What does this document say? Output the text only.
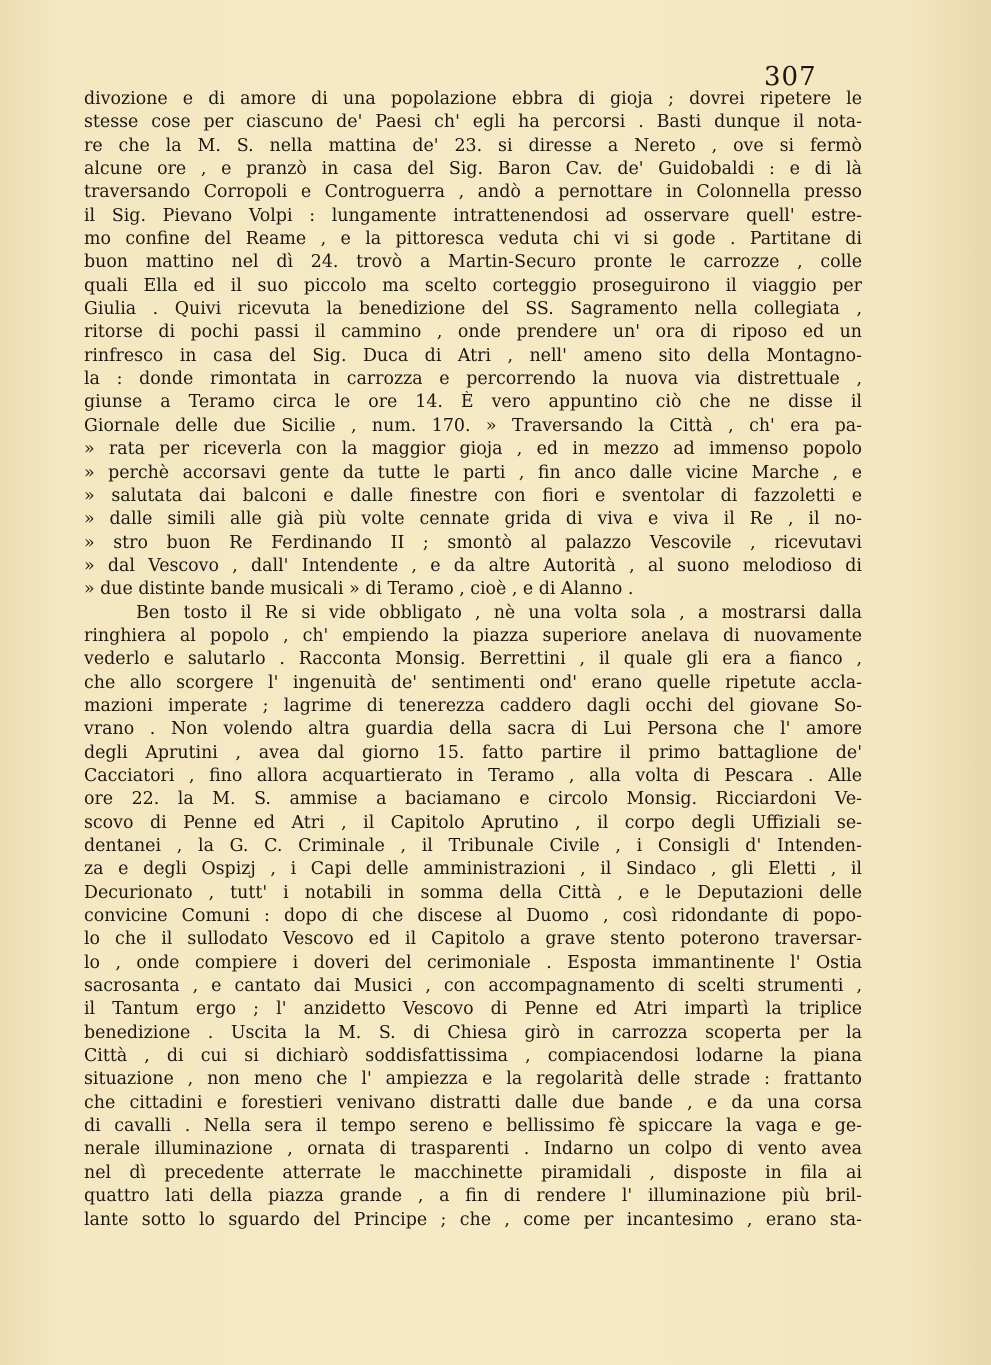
307
divozione e di amore di una popolazione ebbra di gioja ; dovrei ripetere le
stesse cose per ciascuno de' Paesi ch' egli ha percorsi . Basti dunque il nota-
re che la M. S. nella mattina de' 23. si diresse a Nereto , ove si fermò
alcune ore , e pranzò in casa del Sig. Baron Cav. de' Guidobaldi : e di là
traversando Corropoli e Controguerra , andò a pernottare in Colonnella presso
il Sig. Pievano Volpi : lungamente intrattenendosi ad osservare quell' estre-
mo confine del Reame , e la pittoresca veduta chi vi si gode . Partitane di
buon mattino nel dì 24. trovò a Martin-Securo pronte le carrozze , colle
quali Ella ed il suo piccolo ma scelto corteggio proseguirono il viaggio per
Giulia . Quivi ricevuta la benedizione del SS. Sagramento nella collegiata ,
ritorse di pochi passi il cammino , onde prendere un' ora di riposo ed un
rinfresco in casa del Sig. Duca di Atri , nell' ameno sito della Montagno-
la : donde rimontata in carrozza e percorrendo la nuova via distrettuale ,
giunse a Teramo circa le ore 14. È vero appuntino ciò che ne disse il
Giornale delle due Sicilie , num. 170. » Traversando la Città , ch' era pa-
» rata per riceverla con la maggior gioja , ed in mezzo ad immenso popolo
» perchè accorsavi gente da tutte le parti , fin anco dalle vicine Marche , e
» salutata dai balconi e dalle finestre con fiori e sventolar di fazzoletti e
» dalle simili alle già più volte cennate grida di viva e viva il Re , il no-
» stro buon Re Ferdinando II ; smontò al palazzo Vescovile , ricevutavi
» dal Vescovo , dall' Intendente , e da altre Autorità , al suono melodioso di
» due distinte bande musicali » di Teramo , cioè , e di Alanno .
Ben tosto il Re si vide obbligato , nè una volta sola , a mostrarsi dalla
ringhiera al popolo , ch' empiendo la piazza superiore anelava di nuovamente
vederlo e salutarlo . Racconta Monsig. Berrettini , il quale gli era a fianco ,
che allo scorgere l' ingenuità de' sentimenti ond' erano quelle ripetute accla-
mazioni imperate ; lagrime di tenerezza caddero dagli occhi del giovane So-
vrano . Non volendo altra guardia della sacra di Lui Persona che l' amore
degli Aprutini , avea dal giorno 15. fatto partire il primo battaglione de'
Cacciatori , fino allora acquartierato in Teramo , alla volta di Pescara . Alle
ore 22. la M. S. ammise a baciamano e circolo Monsig. Ricciardoni Ve-
scovo di Penne ed Atri , il Capitolo Aprutino , il corpo degli Uffiziali se-
dentanei , la G. C. Criminale , il Tribunale Civile , i Consigli d' Intenden-
za e degli Ospizj , i Capi delle amministrazioni , il Sindaco , gli Eletti , il
Decurionato , tutt' i notabili in somma della Città , e le Deputazioni delle
convicine Comuni : dopo di che discese al Duomo , così ridondante di popo-
lo che il sullodato Vescovo ed il Capitolo a grave stento poterono traversar-
lo , onde compiere i doveri del cerimoniale . Esposta immantinente l' Ostia
sacrosanta , e cantato dai Musici , con accompagnamento di scelti strumenti ,
il Tantum ergo ; l' anzidetto Vescovo di Penne ed Atri impartì la triplice
benedizione . Uscita la M. S. di Chiesa girò in carrozza scoperta per la
Città , di cui si dichiarò soddisfattissima , compiacendosi lodarne la piana
situazione , non meno che l' ampiezza e la regolarità delle strade : frattanto
che cittadini e forestieri venivano distratti dalle due bande , e da una corsa
di cavalli . Nella sera il tempo sereno e bellissimo fè spiccare la vaga e ge-
nerale illuminazione , ornata di trasparenti . Indarno un colpo di vento avea
nel dì precedente atterrate le macchinette piramidali , disposte in fila ai
quattro lati della piazza grande , a fin di rendere l' illuminazione più bril-
lante sotto lo sguardo del Principe ; che , come per incantesimo , erano sta-
